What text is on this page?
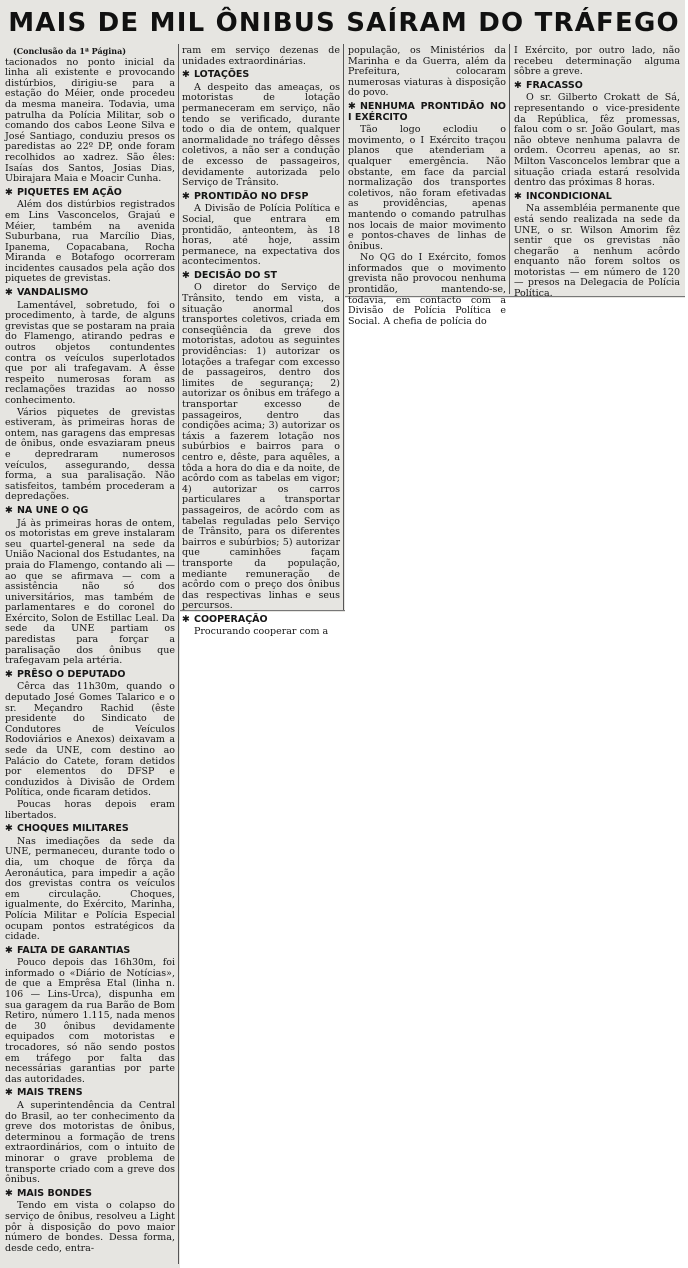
MAIS DE MIL ÔNIBUS SAÍRAM DO TRÁFEGO
(Conclusão da 1ª Página)

tacionados no ponto inicial da linha ali existente e provocando distúrbios, dirigiu-se para a estação do Méier, onde procedeu da mesma maneira. Todavia, uma patrulha da Polícia Militar, sob o comando dos cabos Leone Silva e José Santiago, conduziu presos os paredistas ao 22º DP, onde foram recolhidos ao xadrez. São êles: Isaías dos Santos, Josias Dias, Ubirajara Maia e Moacir Cunha.

✱ PIQUETES EM AÇÃO

Além dos distúrbios registrados em Lins Vasconcelos, Grajaú e Méier, também na avenida Suburbana, rua Marcílio Dias, Ipanema, Copacabana, Rocha Miranda e Botafogo ocorreram incidentes causados pela ação dos piquetes de grevistas.

✱ VANDALISMO

Lamentável, sobretudo, foi o procedimento, à tarde, de alguns grevistas que se postaram na praia do Flamengo, atirando pedras e outros objetos contundentes contra os veículos superlotados que por ali trafegavam. A êsse respeito numerosas foram as reclamações trazidas ao nosso conhecimento.

Vários piquetes de grevistas estiveram, às primeiras horas de ontem, nas garagens das empresas de ônibus, onde esvaziaram pneus e depredraram numerosos veículos, assegurando, dessa forma, a sua paralisação. Não satisfeitos, também procederam a depredações.

✱ NA UNE O QG

Já às primeiras horas de ontem, os motoristas em greve instalaram seu quartel-general na sede da União Nacional dos Estudantes, na praia do Flamengo, contando ali — ao que se afirmava — com a assistência não só dos universitários, mas também de parlamentares e do coronel do Exército, Solon de Estillac Leal. Da sede da UNE partiam os paredistas para forçar a paralisação dos ônibus que trafegavam pela artéria.

✱ PRÊSO O DEPUTADO

Cêrca das 11h30m, quando o deputado José Gomes Talarico e o sr. Meçandro Rachid (êste presidente do Sindicato de Condutores de Veículos Rodoviários e Anexos) deixavam a sede da UNE, com destino ao Palácio do Catete, foram detidos por elementos do DFSP e conduzidos à Divisão de Ordem Política, onde ficaram detidos.

Poucas horas depois eram libertados.

✱ CHOQUES MILITARES

Nas imediações da sede da UNE, permaneceu, durante todo o dia, um choque de fôrça da Aeronáutica, para impedir a ação dos grevistas contra os veículos em circulação. Choques, igualmente, do Exército, Marinha, Polícia Militar e Polícia Especial ocupam pontos estratégicos da cidade.

✱ FALTA DE GARANTIAS

Pouco depois das 16h30m, foi informado o «Diário de Notícias», de que a Emprêsa Etal (linha n. 106 — Lins-Urca), dispunha em sua garagem da rua Barão de Bom Retiro, número 1.115, nada menos de 30 ônibus devidamente equipados com motoristas e trocadores, só não sendo postos em tráfego por falta das necessárias garantias por parte das autoridades.

✱ MAIS TRENS

A superintendência da Central do Brasil, ao ter conhecimento da greve dos motoristas de ônibus, determinou a formação de trens extraordinários, com o intuito de minorar o grave problema de transporte criado com a greve dos ônibus.

✱ MAIS BONDES

Tendo em vista o colapso do serviço de ônibus, resolveu a Light pôr à disposição do povo maior número de bondes. Dessa forma, desde cedo, entra-

ram em serviço dezenas de unidades extraordinárias.

✱ LOTAÇÕES

A despeito das ameaças, os motoristas de lotação permaneceram em serviço, não tendo se verificado, durante todo o dia de ontem, qualquer anormalidade no tráfego dêsses coletivos, a não ser a condução de excesso de passageiros, devidamente autorizada pelo Serviço de Trânsito.

✱ PRONTIDÃO NO DFSP

A Divisão de Polícia Política e Social, que entrara em prontidão, anteontem, às 18 horas, até hoje, assim permanece, na expectativa dos acontecimentos.

✱ DECISÃO DO ST

O diretor do Serviço de Trânsito, tendo em vista, a situação anormal dos transportes coletivos, criada em conseqüência da greve dos motoristas, adotou as seguintes providências: 1) autorizar os lotações a trafegar com excesso de passageiros, dentro dos limites de segurança; 2) autorizar os ônibus em tráfego a transportar excesso de passageiros, dentro das condições acima; 3) autorizar os táxis a fazerem lotação nos subúrbios e bairros para o centro e, dêste, para aquêles, a tôda a hora do dia e da noite, de acôrdo com as tabelas em vigor; 4) autorizar os carros particulares a transportar passageiros, de acôrdo com as tabelas reguladas pelo Serviço de Trânsito, para os diferentes bairros e subúrbios; 5) autorizar que caminhões façam transporte da população, mediante remuneração de acôrdo com o preço dos ônibus das respectivas linhas e seus percursos.

✱ COOPERAÇÃO

Procurando cooperar com a

população, os Ministérios da Marinha e da Guerra, além da Prefeitura, colocaram numerosas viaturas à disposição do povo.

✱ NENHUMA PRONTIDÃO NO I EXÉRCITO

Tão logo eclodiu o movimento, o I Exército traçou planos que atenderiam a qualquer emergência. Não obstante, em face da parcial normalização dos transportes coletivos, não foram efetivadas as providências, apenas mantendo o comando patrulhas nos locais de maior movimento e pontos-chaves de linhas de ônibus.

No QG do I Exército, fomos informados que o movimento grevista não provocou nenhuma prontidão, mantendo-se, todavia, em contacto com a Divisão de Polícia Política e Social. A chefia de polícia do

I Exército, por outro lado, não recebeu determinação alguma sôbre a greve.

✱ FRACASSO

O sr. Gilberto Crokatt de Sá, representando o vice-presidente da República, fêz promessas, falou com o sr. João Goulart, mas não obteve nenhuma palavra de ordem. Ocorreu apenas, ao sr. Milton Vasconcelos lembrar que a situação criada estará resolvida dentro das próximas 8 horas.

✱ INCONDICIONAL

Na assembléia permanente que está sendo realizada na sede da UNE, o sr. Wilson Amorim fêz sentir que os grevistas não chegarão a nenhum acôrdo enquanto não forem soltos os motoristas — em número de 120 — presos na Delegacia de Polícia Política.
